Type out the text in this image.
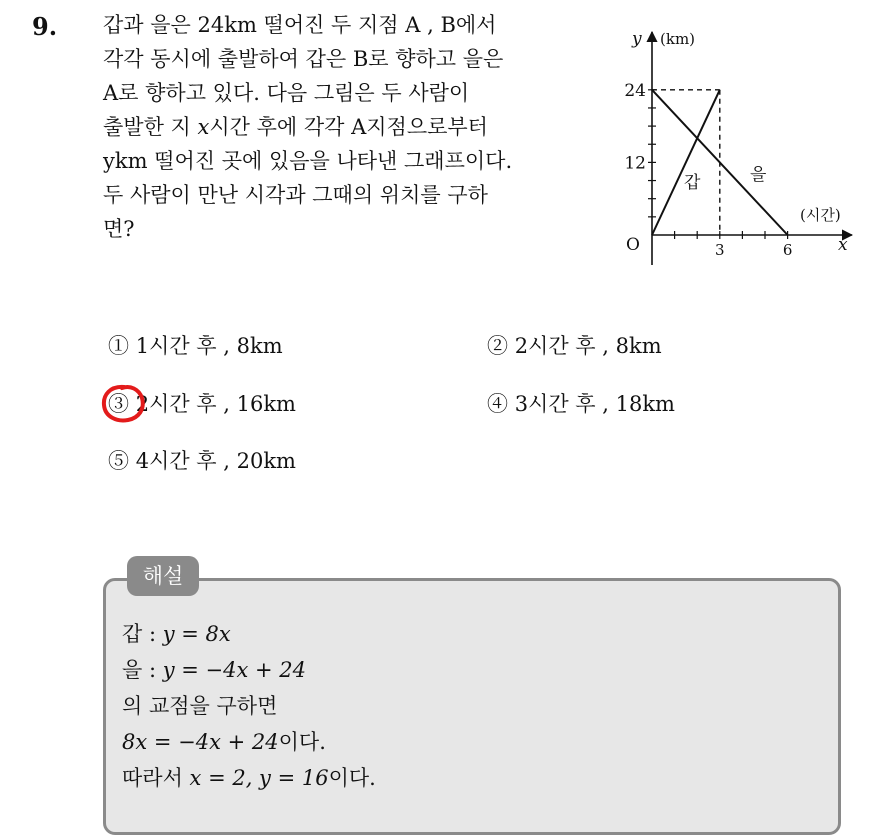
9. 갑과 을은 24km 떨어진 두 지점 A , B에서
각각 동시에 출발하여 갑은 B로 향하고 을은
A로 향하고 있다. 다음 그림은 두 사람이
출발한 지 x시간 후에 각각 A지점으로부터
ykm 떨어진 곳에 있음을 나타낸 그래프이다.
두 사람이 만난 시각과 그때의 위치를 구하
면?
y (km)
(시간)
x
O
24
12
3	6
갑	을
① 1시간 후 , 8km	② 2시간 후 , 8km
③ 2시간 후 , 16km	④ 3시간 후 , 18km
⑤ 4시간 후 , 20km
해설
갑 : y = 8x
을 : y = −4x + 24
의 교점을 구하면
8x = −4x + 24이다.
따라서 x = 2, y = 16이다.
